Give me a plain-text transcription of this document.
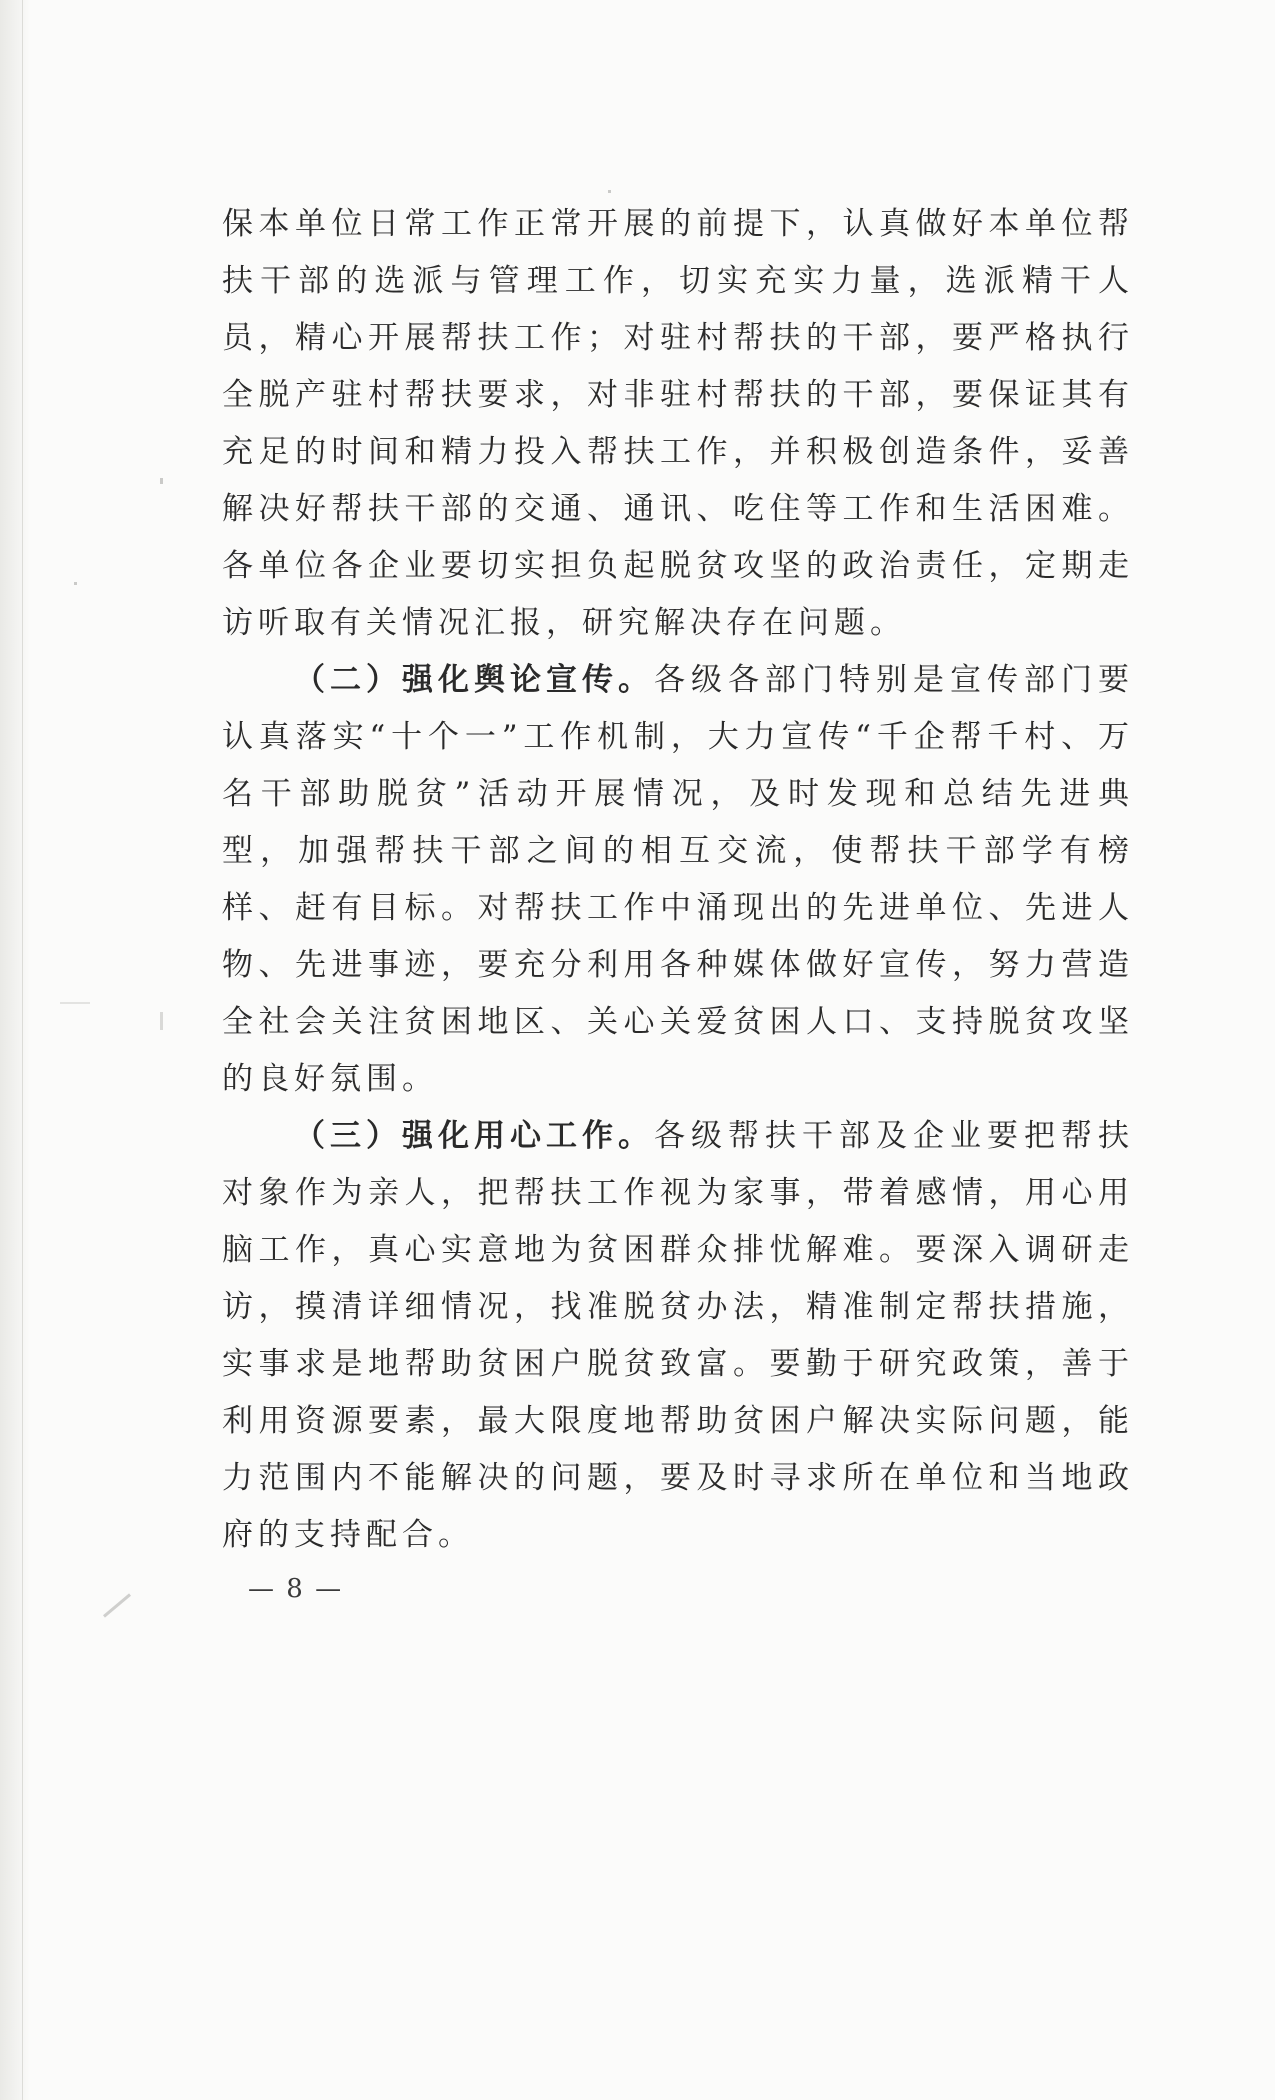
保本单位日常工作正常开展的前提下，认真做好本单位帮扶干部的选派与管理工作，切实充实力量，选派精干人员，精心开展帮扶工作；对驻村帮扶的干部，要严格执行全脱产驻村帮扶要求，对非驻村帮扶的干部，要保证其有充足的时间和精力投入帮扶工作，并积极创造条件，妥善解决好帮扶干部的交通、通讯、吃住等工作和生活困难。各单位各企业要切实担负起脱贫攻坚的政治责任，定期走访听取有关情况汇报，研究解决存在问题。

（二）强化舆论宣传。各级各部门特别是宣传部门要认真落实“十个一”工作机制，大力宣传“千企帮千村、万名干部助脱贫”活动开展情况，及时发现和总结先进典型，加强帮扶干部之间的相互交流，使帮扶干部学有榜样、赶有目标。对帮扶工作中涌现出的先进单位、先进人物、先进事迹，要充分利用各种媒体做好宣传，努力营造全社会关注贫困地区、关心关爱贫困人口、支持脱贫攻坚的良好氛围。

（三）强化用心工作。各级帮扶干部及企业要把帮扶对象作为亲人，把帮扶工作视为家事，带着感情，用心用脑工作，真心实意地为贫困群众排忧解难。要深入调研走访，摸清详细情况，找准脱贫办法，精准制定帮扶措施，实事求是地帮助贫困户脱贫致富。要勤于研究政策，善于利用资源要素，最大限度地帮助贫困户解决实际问题，能力范围内不能解决的问题，要及时寻求所在单位和当地政府的支持配合。

— 8 —
